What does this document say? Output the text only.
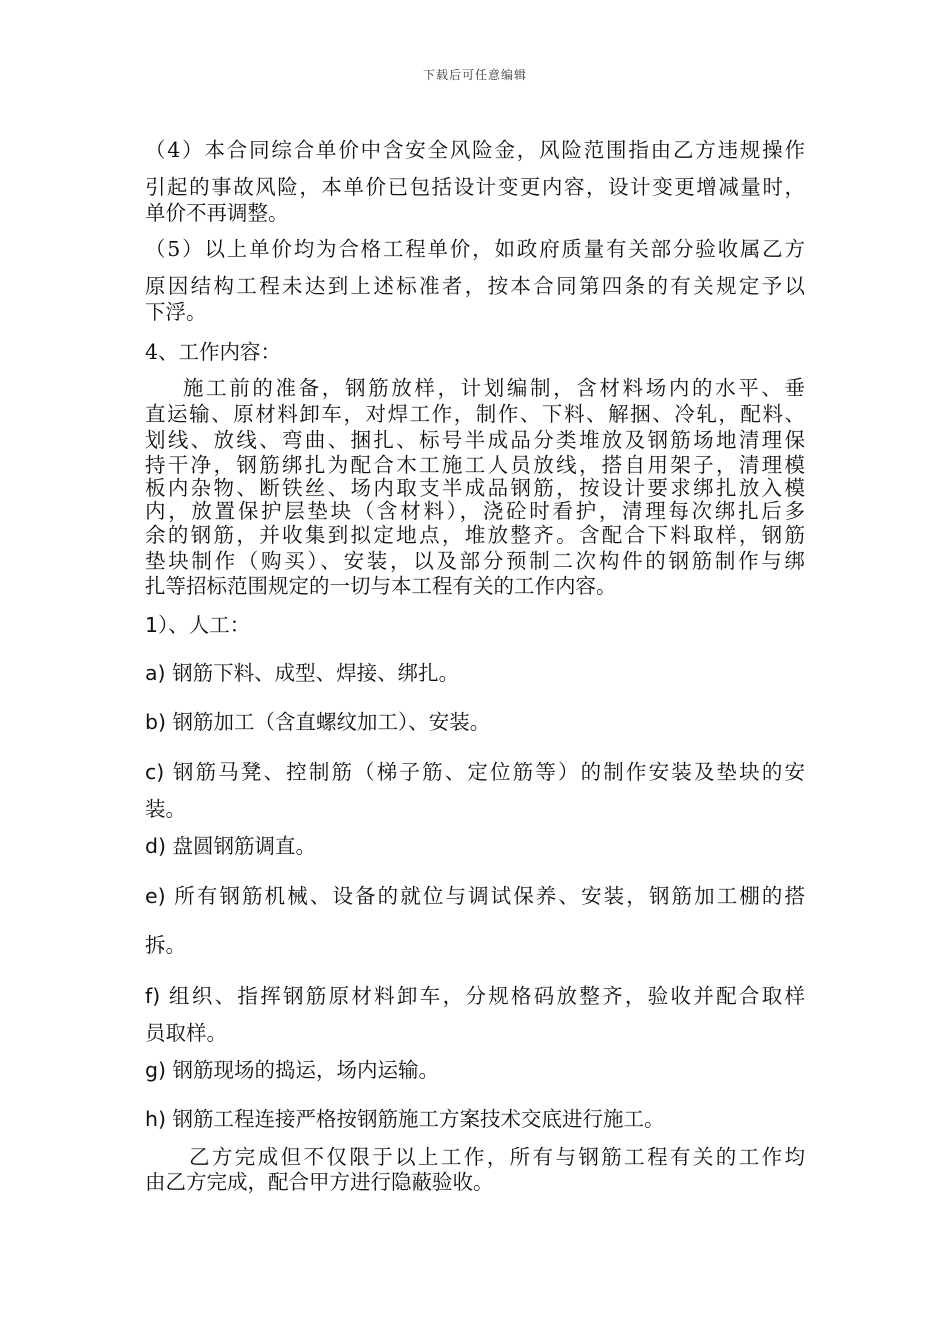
下载后可任意编辑
（4）本合同综合单价中含安全风险金，风险范围指由乙方违规操作
引起的事故风险，本单价已包括设计变更内容，设计变更增减量时，
单价不再调整。
（5）以上单价均为合格工程单价，如政府质量有关部分验收属乙方
原因结构工程未达到上述标准者，按本合同第四条的有关规定予以
下浮。
4、工作内容：
施工前的准备，钢筋放样，计划编制，含材料场内的水平、垂
直运输、原材料卸车，对焊工作，制作、下料、解捆、冷轧，配料、
划线、放线、弯曲、捆扎、标号半成品分类堆放及钢筋场地清理保
持干净，钢筋绑扎为配合木工施工人员放线，搭自用架子，清理模
板内杂物、断铁丝、场内取支半成品钢筋，按设计要求绑扎放入模
内，放置保护层垫块（含材料），浇砼时看护，清理每次绑扎后多
余的钢筋，并收集到拟定地点，堆放整齐。含配合下料取样，钢筋
垫块制作（购买）、安装，以及部分预制二次构件的钢筋制作与绑
扎等招标范围规定的一切与本工程有关的工作内容。
1）、人工：
a) 钢筋下料、成型、焊接、绑扎。
b) 钢筋加工（含直螺纹加工）、安装。
c) 钢筋马凳、控制筋（梯子筋、定位筋等）的制作安装及垫块的安
装。
d) 盘圆钢筋调直。
e) 所有钢筋机械、设备的就位与调试保养、安装，钢筋加工棚的搭
拆。
f) 组织、指挥钢筋原材料卸车，分规格码放整齐，验收并配合取样
员取样。
g) 钢筋现场的捣运，场内运输。
h) 钢筋工程连接严格按钢筋施工方案技术交底进行施工。
乙方完成但不仅限于以上工作，所有与钢筋工程有关的工作均
由乙方完成，配合甲方进行隐蔽验收。
